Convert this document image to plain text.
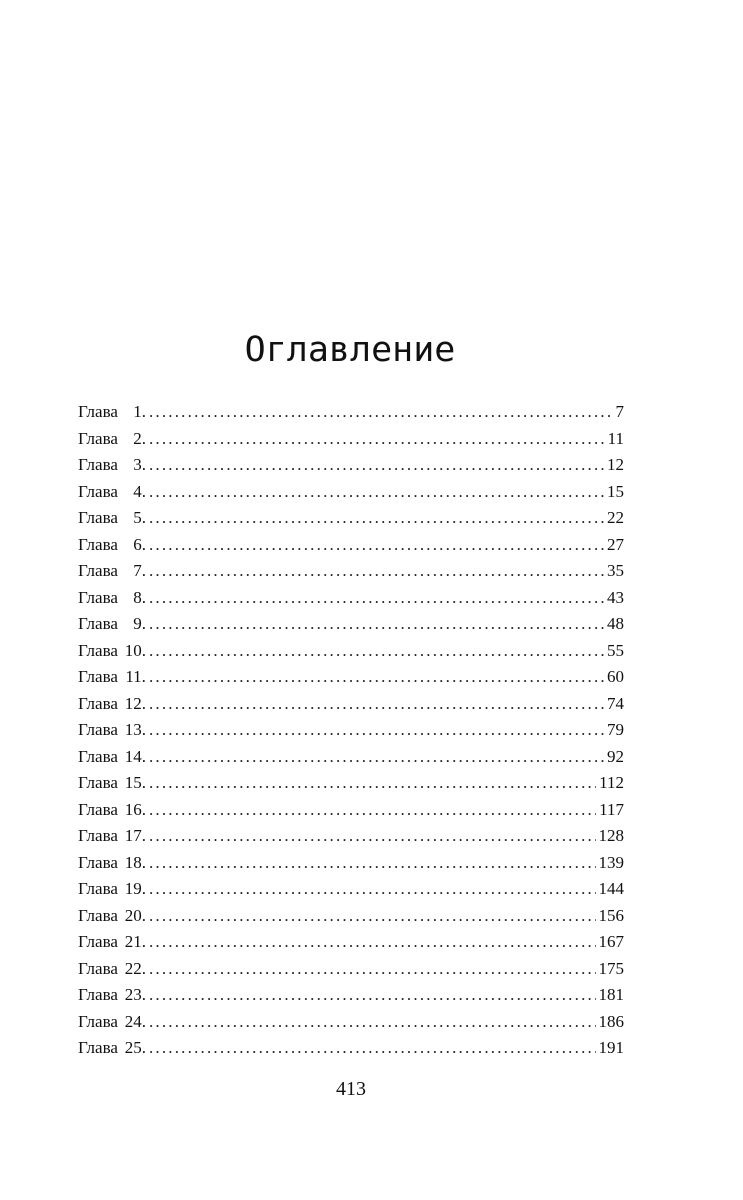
Оглавление
Глава 1. .....	7
Глава 2. .....	11
Глава 3. .....	12
Глава 4. .....	15
Глава 5. .....	22
Глава 6. .....	27
Глава 7. .....	35
Глава 8. .....	43
Глава 9. .....	48
Глава 10. .....	55
Глава 11. .....	60
Глава 12. .....	74
Глава 13. .....	79
Глава 14. .....	92
Глава 15. .....	112
Глава 16. .....	117
Глава 17. .....	128
Глава 18. .....	139
Глава 19. .....	144
Глава 20. .....	156
Глава 21. .....	167
Глава 22. .....	175
Глава 23. .....	181
Глава 24. .....	186
Глава 25. .....	191
413
